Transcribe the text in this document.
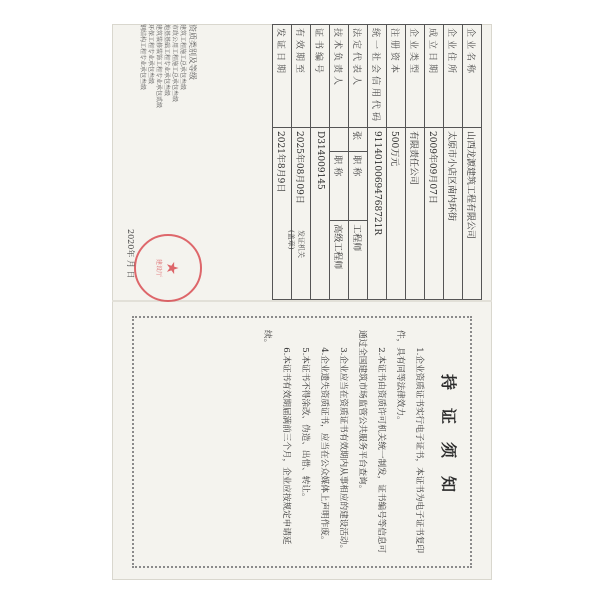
企业名称	山西龙源建筑工程有限公司		
企业住所	太原市小店区南内环街		
成立日期	2009年09月07日		
企业类型	有限责任公司		
注册资本	500万元		
统一社会信用代码	91140100694768721R		
法定代表人	张	职称	工程师
技术负责人		职称	高级工程师
证书编号	D314009145		
有效期至	2025年08月09日		
发证日期	2021年8月9日		
发证机关
(盖章)
资质类别及等级
建筑工程施工总承包叁级
市政公用工程施工总承包叁级
地基基础工程专业承包叁级
建筑装修装饰工程专业承包贰级
环保工程专业承包叁级
钢结构工程专业承包叁级
★
建设厅
2020年 月 日
持证须知

1.企业资质证书实行电子证书，本证书为电子证书复印件，具有同等法律效力。

2.本证书由资质许可机关统一制发，证书编号等信息可通过全国建筑市场监管公共服务平台查询。

3.企业应当在资质证书有效期内从事相应的建设活动。

4.企业遗失资质证书，应当在公众媒体上声明作废。

5.本证书不得涂改、伪造、出借、转让。

6.本证书有效期届满前三个月，企业应按规定申请延续。
